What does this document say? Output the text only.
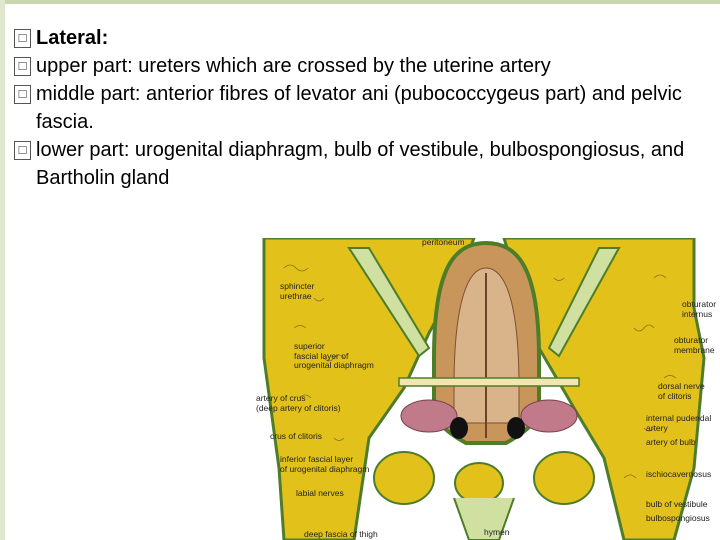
☐ Lateral:
☐ upper part: ureters which are crossed by the uterine artery
☐ middle part: anterior fibres of levator ani (pubococcygeus part) and pelvic fascia.
☐ lower part: urogenital diaphragm, bulb of vestibule, bulbospongiosus, and Bartholin gland
peritoneum
sphincter
urethrae
superior
fascial layer of
urogenital diaphragm
artery of crus
(deep artery of clitoris)
crus of clitoris
inferior fascial layer
of urogenital diaphragm
labial nerves
deep fascia of thigh	hymen
obturator
internus
obturator
membrane
dorsal nerve
of clitoris
internal pudendal
artery
artery of bulb
ischiocavernosus
bulb of vestibule
bulbospongiosus
